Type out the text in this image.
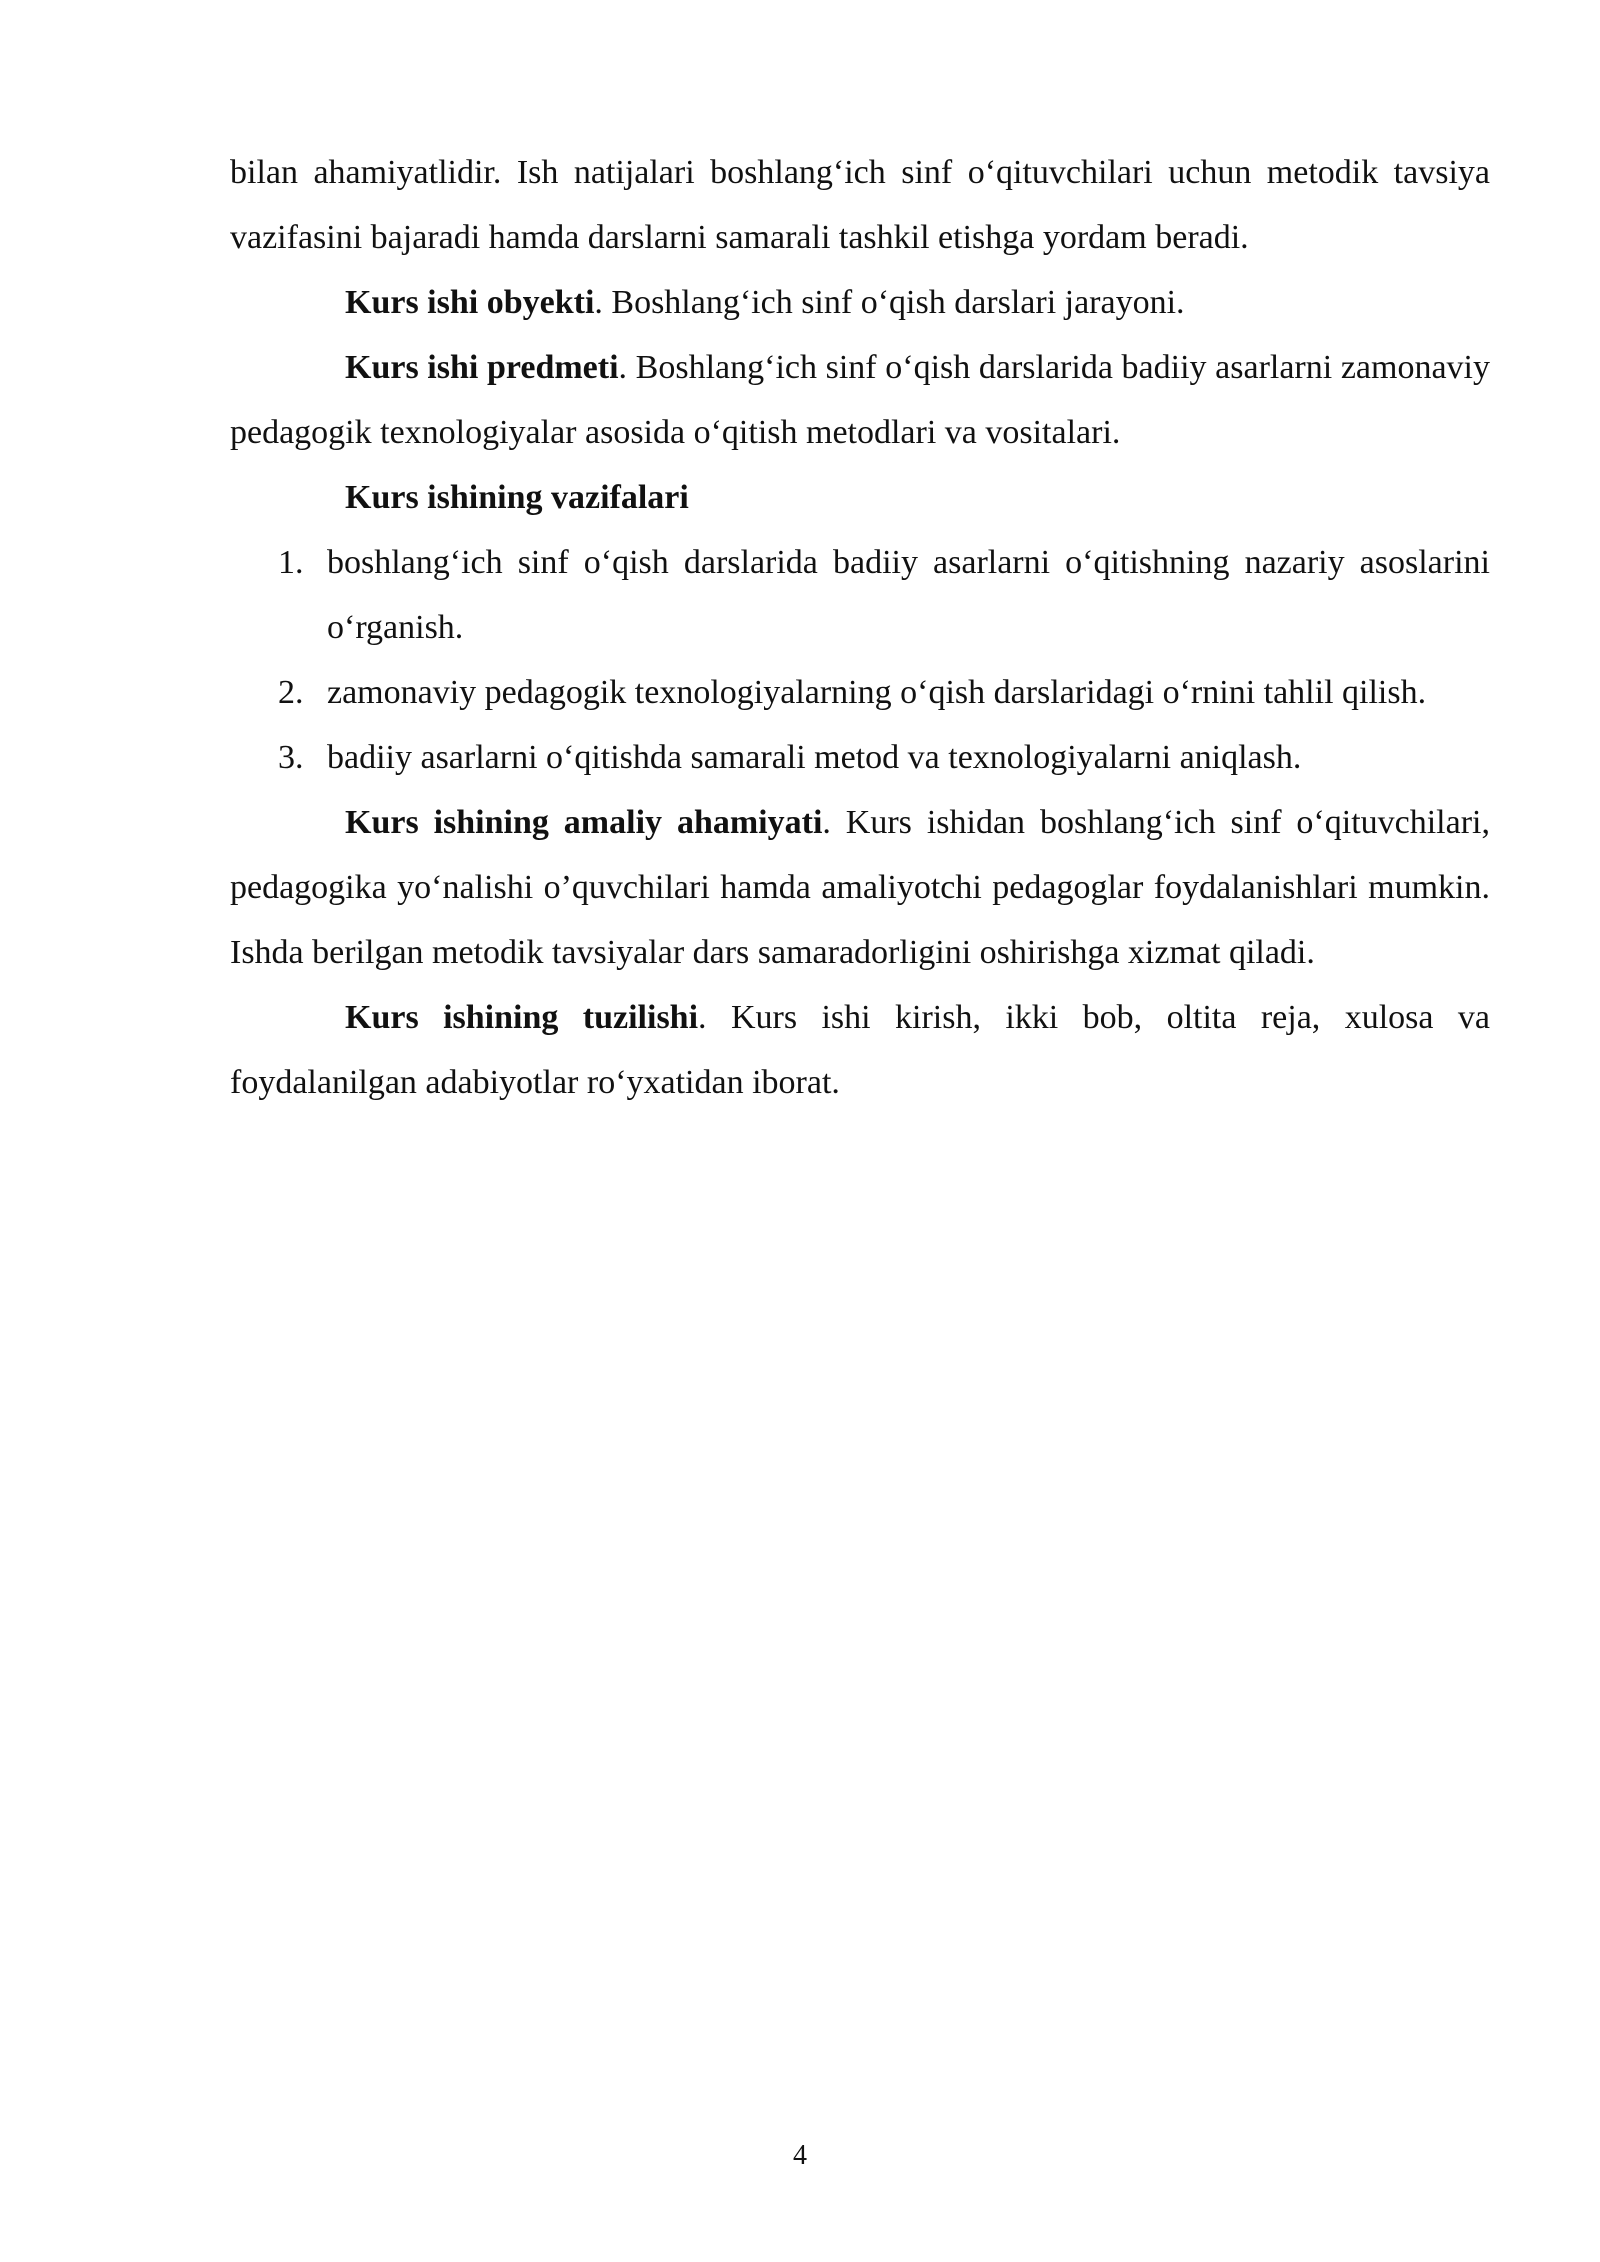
bilan ahamiyatlidir. Ish natijalari boshlang‘ich sinf o‘qituvchilari uchun metodik tavsiya vazifasini bajaradi hamda darslarni samarali tashkil etishga yordam beradi.

Kurs ishi obyekti. Boshlang‘ich sinf o‘qish darslari jarayoni.

Kurs ishi predmeti. Boshlang‘ich sinf o‘qish darslarida badiiy asarlarni zamonaviy pedagogik texnologiyalar asosida o‘qitish metodlari va vositalari.

Kurs ishining vazifalari

1. boshlang‘ich sinf o‘qish darslarida badiiy asarlarni o‘qitishning nazariy asoslarini o‘rganish.
2. zamonaviy pedagogik texnologiyalarning o‘qish darslaridagi o‘rnini tahlil qilish.
3. badiiy asarlarni o‘qitishda samarali metod va texnologiyalarni aniqlash.

Kurs ishining amaliy ahamiyati. Kurs ishidan boshlang‘ich sinf o‘qituvchilari, pedagogika yo‘nalishi o’quvchilari hamda amaliyotchi pedagoglar foydalanishlari mumkin. Ishda berilgan metodik tavsiyalar dars samaradorligini oshirishga xizmat qiladi.

Kurs ishining tuzilishi. Kurs ishi kirish, ikki bob, oltita reja, xulosa va foydalanilgan adabiyotlar ro‘yxatidan iborat.

4
